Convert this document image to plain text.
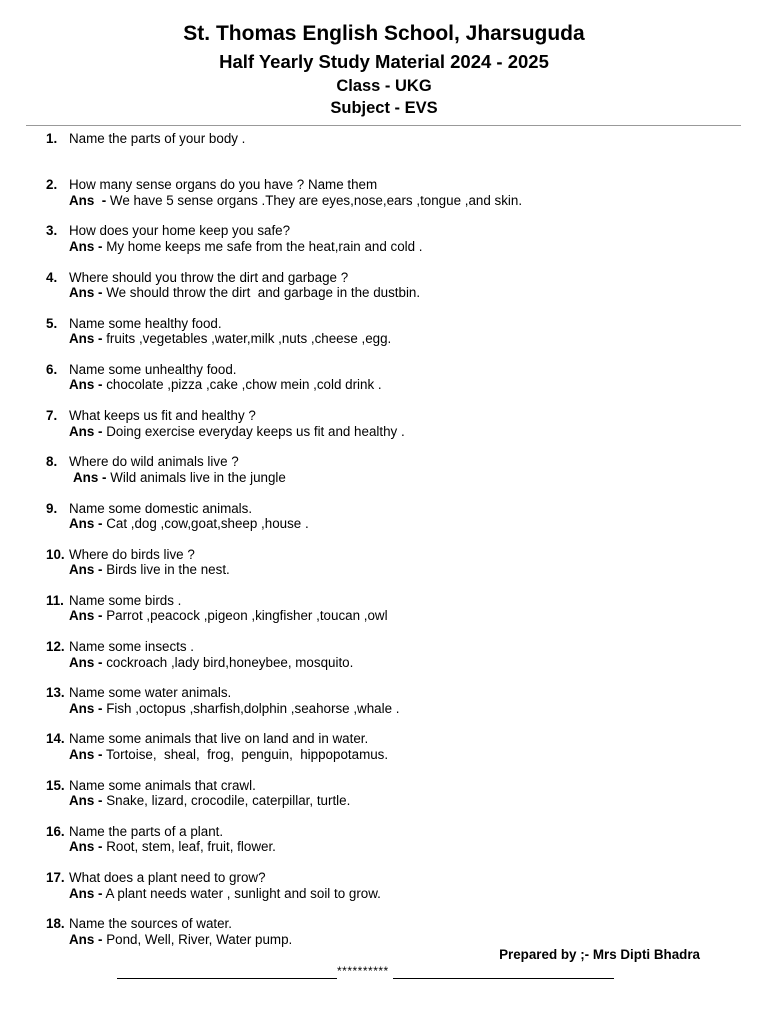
St. Thomas English School, Jharsuguda
Half Yearly Study Material 2024 - 2025
Class - UKG
Subject - EVS
1. Name the parts of your body .
2. How many sense organs do you have ? Name them
Ans  - We have 5 sense organs .They are eyes,nose,ears ,tongue ,and skin.
3. How does your home keep you safe?
Ans - My home keeps me safe from the heat,rain and cold .
4. Where should you throw the dirt and garbage ?
Ans - We should throw the dirt  and garbage in the dustbin.
5. Name some healthy food.
Ans - fruits ,vegetables ,water,milk ,nuts ,cheese ,egg.
6. Name some unhealthy food.
Ans - chocolate ,pizza ,cake ,chow mein ,cold drink .
7. What keeps us fit and healthy ?
Ans - Doing exercise everyday keeps us fit and healthy .
8. Where do wild animals live ?
Ans - Wild animals live in the jungle
9. Name some domestic animals.
Ans - Cat ,dog ,cow,goat,sheep ,house .
10. Where do birds live ?
Ans - Birds live in the nest.
11. Name some birds .
Ans - Parrot ,peacock ,pigeon ,kingfisher ,toucan ,owl
12. Name some insects .
Ans - cockroach ,lady bird,honeybee, mosquito.
13. Name some water animals.
Ans - Fish ,octopus ,sharfish,dolphin ,seahorse ,whale .
14. Name some animals that live on land and in water.
Ans - Tortoise,  sheal,  frog,  penguin,  hippopotamus.
15. Name some animals that crawl.
Ans - Snake, lizard, crocodile, caterpillar, turtle.
16. Name the parts of a plant.
Ans - Root, stem, leaf, fruit, flower.
17. What does a plant need to grow?
Ans - A plant needs water , sunlight and soil to grow.
18. Name the sources of water.
Ans - Pond, Well, River, Water pump.
Prepared by ;- Mrs Dipti Bhadra
**********
